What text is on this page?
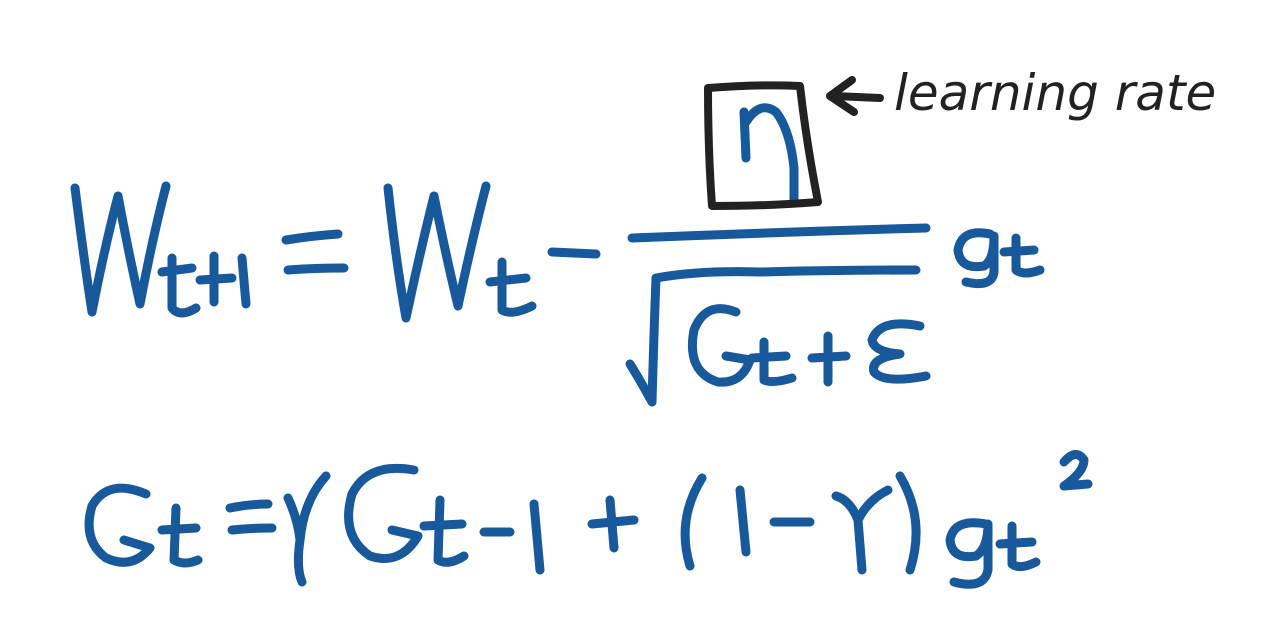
learning rate
